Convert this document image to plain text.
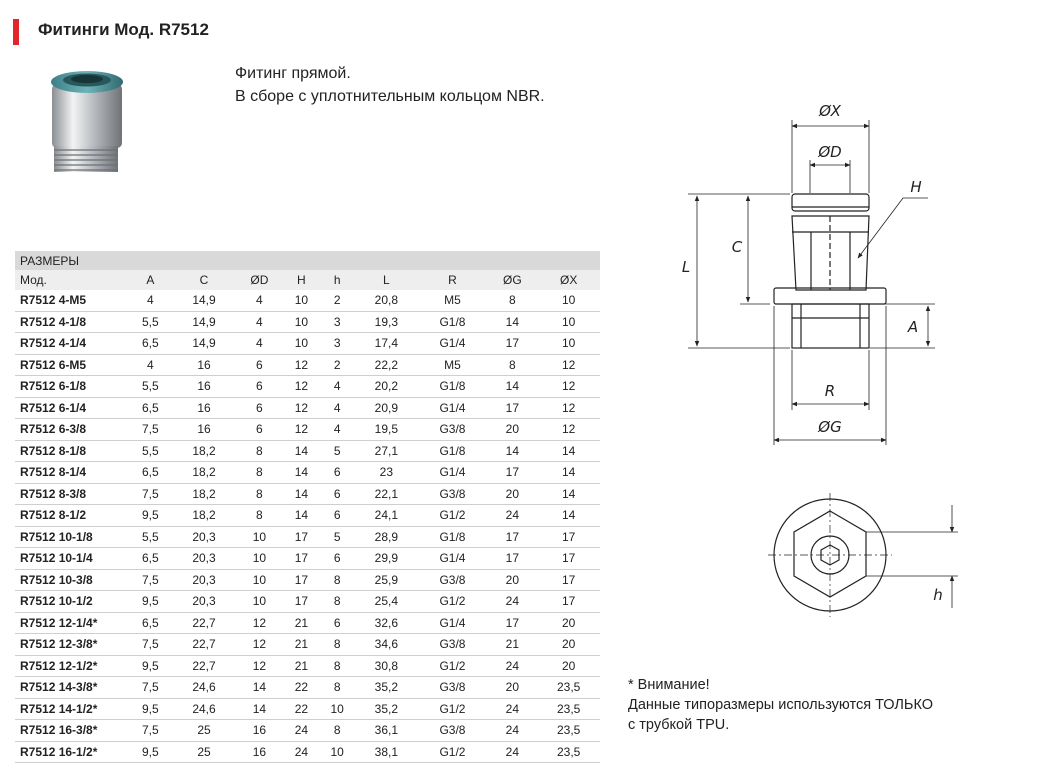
Фитинги Мод. R7512
Фитинг прямой.
В сборе с уплотнительным кольцом NBR.
РАЗМЕРЫ									
Мод.	A	C	ØD	H	h	L	R	ØG	ØX
R7512 4-M5	4	14,9	4	10	2	20,8	M5	8	10
R7512 4-1/8	5,5	14,9	4	10	3	19,3	G1/8	14	10
R7512 4-1/4	6,5	14,9	4	10	3	17,4	G1/4	17	10
R7512 6-M5	4	16	6	12	2	22,2	M5	8	12
R7512 6-1/8	5,5	16	6	12	4	20,2	G1/8	14	12
R7512 6-1/4	6,5	16	6	12	4	20,9	G1/4	17	12
R7512 6-3/8	7,5	16	6	12	4	19,5	G3/8	20	12
R7512 8-1/8	5,5	18,2	8	14	5	27,1	G1/8	14	14
R7512 8-1/4	6,5	18,2	8	14	6	23	G1/4	17	14
R7512 8-3/8	7,5	18,2	8	14	6	22,1	G3/8	20	14
R7512 8-1/2	9,5	18,2	8	14	6	24,1	G1/2	24	14
R7512 10-1/8	5,5	20,3	10	17	5	28,9	G1/8	17	17
R7512 10-1/4	6,5	20,3	10	17	6	29,9	G1/4	17	17
R7512 10-3/8	7,5	20,3	10	17	8	25,9	G3/8	20	17
R7512 10-1/2	9,5	20,3	10	17	8	25,4	G1/2	24	17
R7512 12-1/4*	6,5	22,7	12	21	6	32,6	G1/4	17	20
R7512 12-3/8*	7,5	22,7	12	21	8	34,6	G3/8	21	20
R7512 12-1/2*	9,5	22,7	12	21	8	30,8	G1/2	24	20
R7512 14-3/8*	7,5	24,6	14	22	8	35,2	G3/8	20	23,5
R7512 14-1/2*	9,5	24,6	14	22	10	35,2	G1/2	24	23,5
R7512 16-3/8*	7,5	25	16	24	8	36,1	G3/8	24	23,5
R7512 16-1/2*	9,5	25	16	24	10	38,1	G1/2	24	23,5
ØX
ØD
H
L
C
A
R
ØG
h
* Внимание!
Данные типоразмеры используются ТОЛЬКО
с трубкой TPU.
